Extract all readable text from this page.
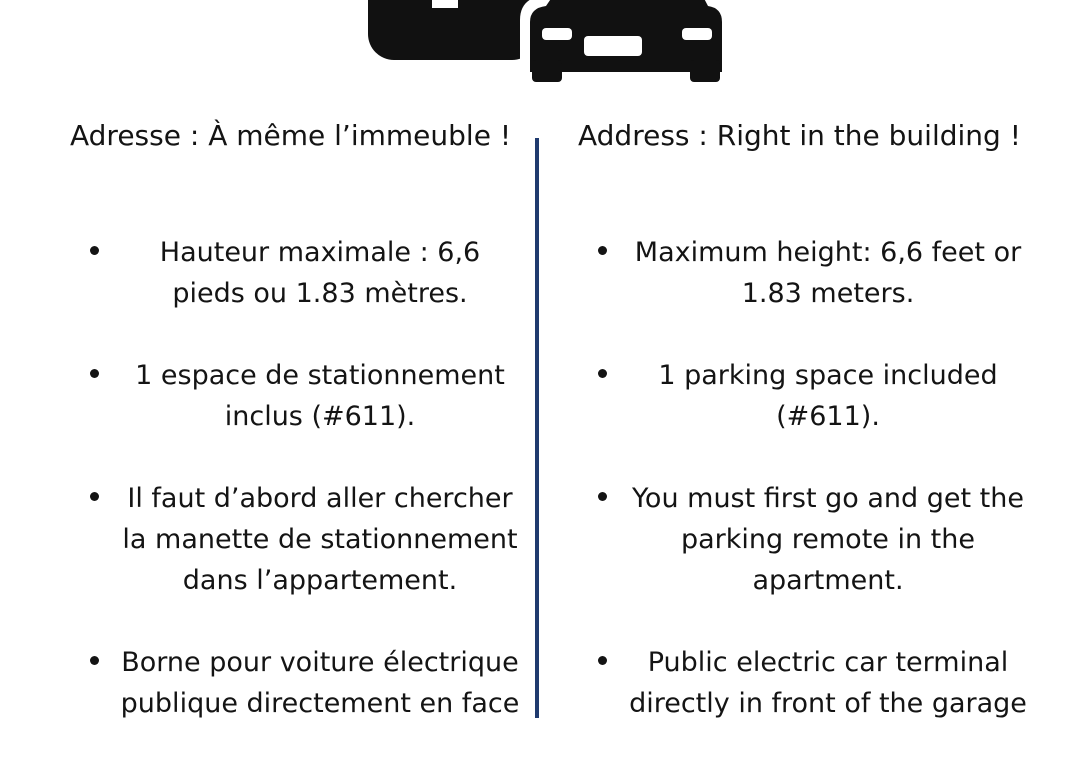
Adresse : À même l’immeuble !
Hauteur maximale : 6,6 pieds ou 1.83 mètres.
1 espace de stationnement inclus (#611).
Il faut d’abord aller chercher la manette de stationnement dans l’appartement.
Borne pour voiture électrique publique directement en face
Address : Right in the building !
Maximum height: 6,6 feet or 1.83 meters.
1 parking space included (#611).
You must first go and get the parking remote in the apartment.
Public electric car terminal directly in front of the garage
